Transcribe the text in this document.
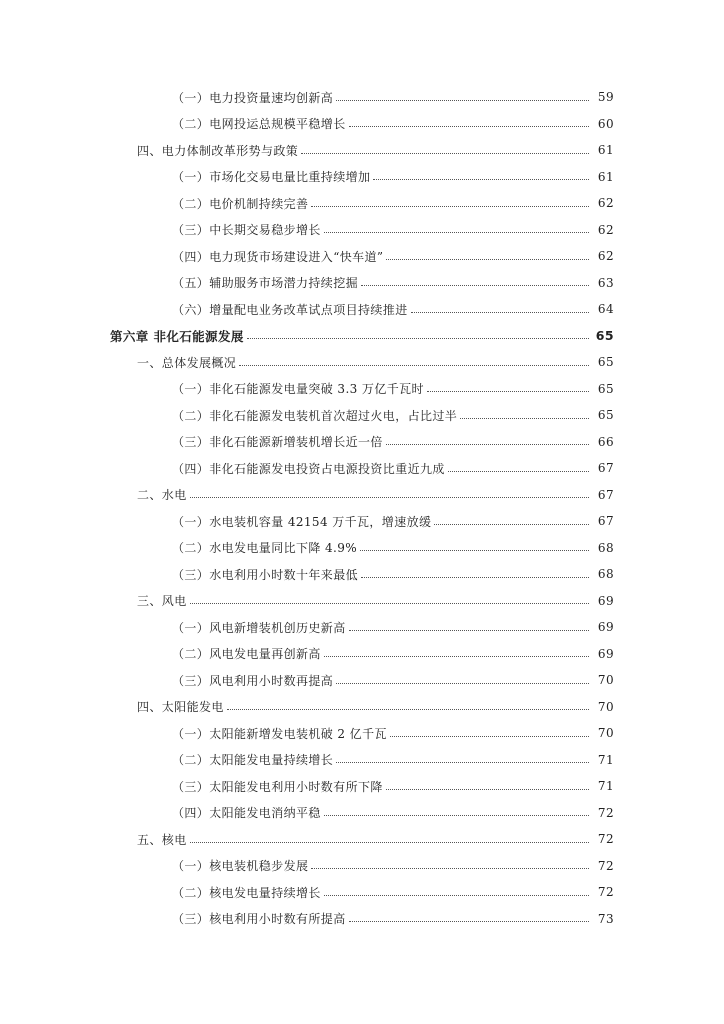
（一）电力投资量速均创新高	59
（二）电网投运总规模平稳增长	60
四、电力体制改革形势与政策	61
（一）市场化交易电量比重持续增加	61
（二）电价机制持续完善	62
（三）中长期交易稳步增长	62
（四）电力现货市场建设进入“快车道”	62
（五）辅助服务市场潜力持续挖掘	63
（六）增量配电业务改革试点项目持续推进	64
第六章 非化石能源发展	65
一、总体发展概况	65
（一）非化石能源发电量突破 3.3 万亿千瓦时	65
（二）非化石能源发电装机首次超过火电，占比过半	65
（三）非化石能源新增装机增长近一倍	66
（四）非化石能源发电投资占电源投资比重近九成	67
二、水电	67
（一）水电装机容量 42154 万千瓦，增速放缓	67
（二）水电发电量同比下降 4.9%	68
（三）水电利用小时数十年来最低	68
三、风电	69
（一）风电新增装机创历史新高	69
（二）风电发电量再创新高	69
（三）风电利用小时数再提高	70
四、太阳能发电	70
（一）太阳能新增发电装机破 2 亿千瓦	70
（二）太阳能发电量持续增长	71
（三）太阳能发电利用小时数有所下降	71
（四）太阳能发电消纳平稳	72
五、核电	72
（一）核电装机稳步发展	72
（二）核电发电量持续增长	72
（三）核电利用小时数有所提高	73
